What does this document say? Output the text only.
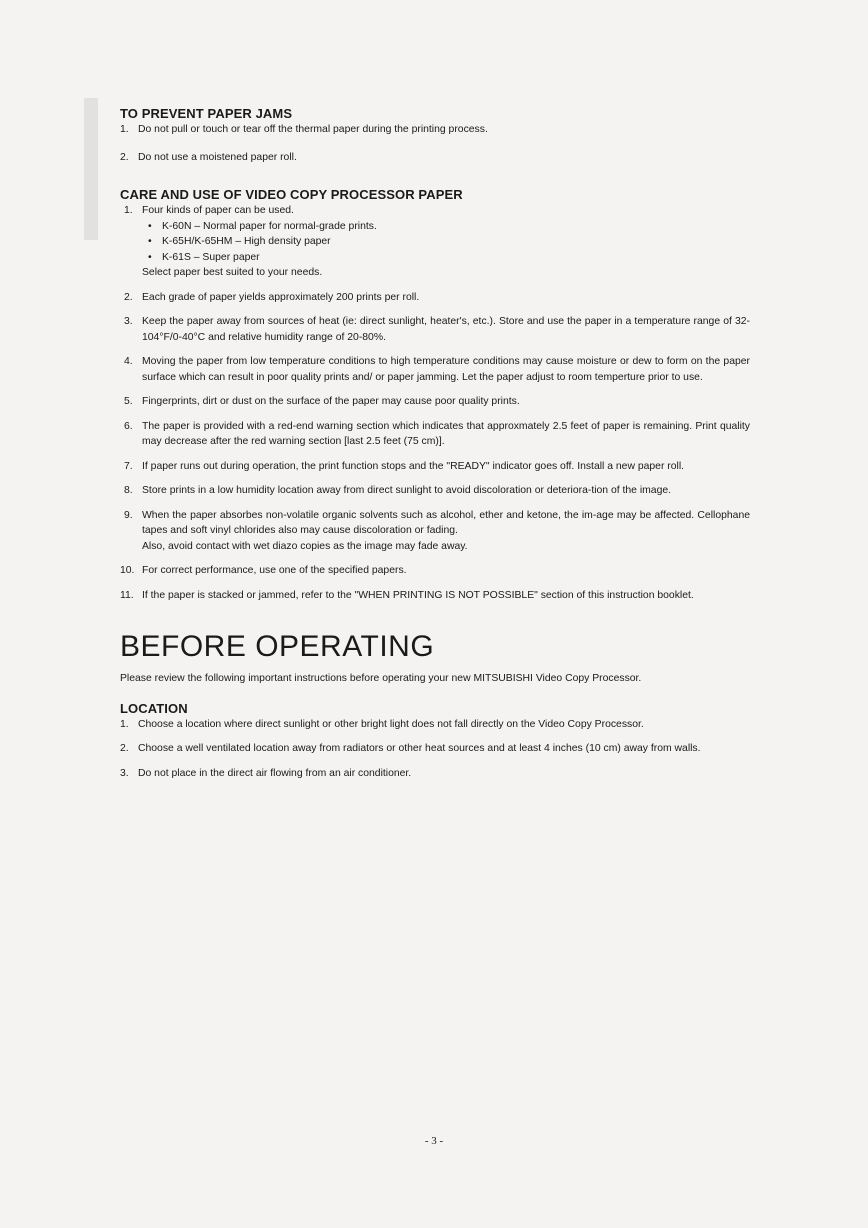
TO PREVENT PAPER JAMS
1. Do not pull or touch or tear off the thermal paper during the printing process.
2. Do not use a moistened paper roll.
CARE AND USE OF VIDEO COPY PROCESSOR PAPER
1. Four kinds of paper can be used.
• K-60N – Normal paper for normal-grade prints.
• K-65H/K-65HM – High density paper
• K-61S – Super paper
Select paper best suited to your needs.
2. Each grade of paper yields approximately 200 prints per roll.
3. Keep the paper away from sources of heat (ie: direct sunlight, heater's, etc.). Store and use the paper in a temperature range of 32-104°F/0-40°C and relative humidity range of 20-80%.
4. Moving the paper from low temperature conditions to high temperature conditions may cause moisture or dew to form on the paper surface which can result in poor quality prints and/ or paper jamming. Let the paper adjust to room temperture prior to use.
5. Fingerprints, dirt or dust on the surface of the paper may cause poor quality prints.
6. The paper is provided with a red-end warning section which indicates that approxmately 2.5 feet of paper is remaining. Print quality may decrease after the red warning section [last 2.5 feet (75 cm)].
7. If paper runs out during operation, the print function stops and the "READY" indicator goes off. Install a new paper roll.
8. Store prints in a low humidity location away from direct sunlight to avoid discoloration or deteriora-tion of the image.
9. When the paper absorbes non-volatile organic solvents such as alcohol, ether and ketone, the im-age may be affected. Cellophane tapes and soft vinyl chlorides also may cause discoloration or fading.
Also, avoid contact with wet diazo copies as the image may fade away.
10. For correct performance, use one of the specified papers.
11. If the paper is stacked or jammed, refer to the "WHEN PRINTING IS NOT POSSIBLE" section of this instruction booklet.
BEFORE OPERATING
Please review the following important instructions before operating your new MITSUBISHI Video Copy Processor.
LOCATION
1. Choose a location where direct sunlight or other bright light does not fall directly on the Video Copy Processor.
2. Choose a well ventilated location away from radiators or other heat sources and at least 4 inches (10 cm) away from walls.
3. Do not place in the direct air flowing from an air conditioner.
- 3 -
